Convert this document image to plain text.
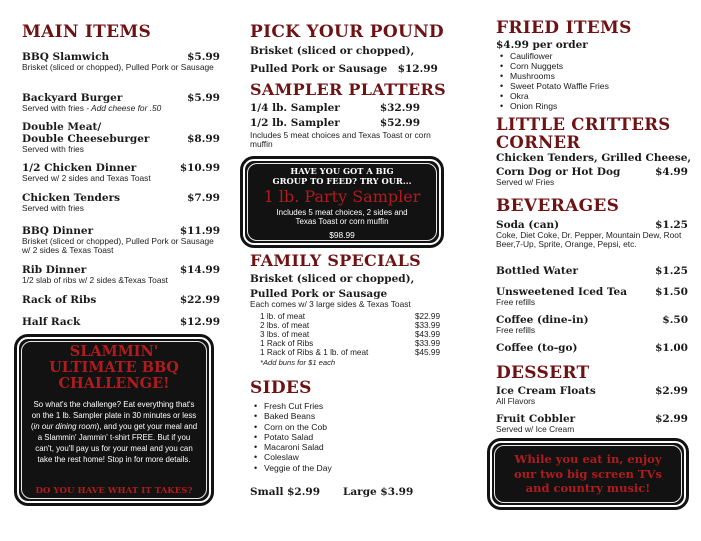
MAIN ITEMS
BBQ Slamwich	$5.99
Brisket (sliced or chopped), Pulled Pork or Sausage
Backyard Burger	$5.99
Served with fries - Add cheese for .50
Double Meat/
Double Cheeseburger	$8.99
Served with fries
1/2 Chicken Dinner	$10.99
Served w/ 2 sides and Texas Toast
Chicken Tenders	$7.99
Served with fries
BBQ Dinner	$11.99
Brisket (sliced or chopped), Pulled Pork or Sausage w/ 2 sides & Texas Toast
Rib Dinner	$14.99
1/2 slab of ribs w/ 2 sides &Texas Toast
Rack of Ribs	$22.99
Half Rack	$12.99
SLAMMIN'
ULTIMATE BBQ
CHALLENGE!
So what's the challenge? Eat everything that's on the 1 lb. Sampler plate in 30 minutes or less (in our dining room), and you get your meal and a Slammin' Jammin' t-shirt FREE. But if you can't, you'll pay us for your meal and you can take the rest home! Stop in for more details.
DO YOU HAVE WHAT IT TAKES?
PICK YOUR POUND
Brisket (sliced or chopped),
Pulled Pork or Sausage $12.99
SAMPLER PLATTERS
1/4 lb. Sampler	$32.99
1/2 lb. Sampler	$52.99
Includes 5 meat choices and Texas Toast or corn muffin
HAVE YOU GOT A BIG
GROUP TO FEED? TRY OUR...
1 lb. Party Sampler
Includes 5 meat choices, 2 sides and Texas Toast or corn muffin
$98.99
FAMILY SPECIALS
Brisket (sliced or chopped),
Pulled Pork or Sausage
Each comes w/ 3 large sides & Texas Toast
1 lb. of meat	$22.99
2 lbs. of meat	$33.99
3 lbs. of meat	$43.99
1 Rack of Ribs	$33.99
1 Rack of Ribs & 1 lb. of meat	$45.99
*Add buns for $1 each
SIDES
• Fresh Cut Fries
• Baked Beans
• Corn on the Cob
• Potato Salad
• Macaroni Salad
• Coleslaw
• Veggie of the Day
Small $2.99 Large $3.99
FRIED ITEMS
$4.99 per order
• Cauliflower
• Corn Nuggets
• Mushrooms
• Sweet Potato Waffle Fries
• Okra
• Onion Rings
LITTLE CRITTERS
CORNER
Chicken Tenders, Grilled Cheese,
Corn Dog or Hot Dog	$4.99
Served w/ Fries
BEVERAGES
Soda (can)	$1.25
Coke, Diet Coke, Dr. Pepper, Mountain Dew, Root Beer,7-Up, Sprite, Orange, Pepsi, etc.
Bottled Water	$1.25
Unsweetened Iced Tea	$1.50
Free refills
Coffee (dine-in)	$.50
Free refills
Coffee (to-go)	$1.00
DESSERT
Ice Cream Floats	$2.99
All Flavors
Fruit Cobbler	$2.99
Served w/ Ice Cream
While you eat in, enjoy
our two big screen TVs
and country music!
